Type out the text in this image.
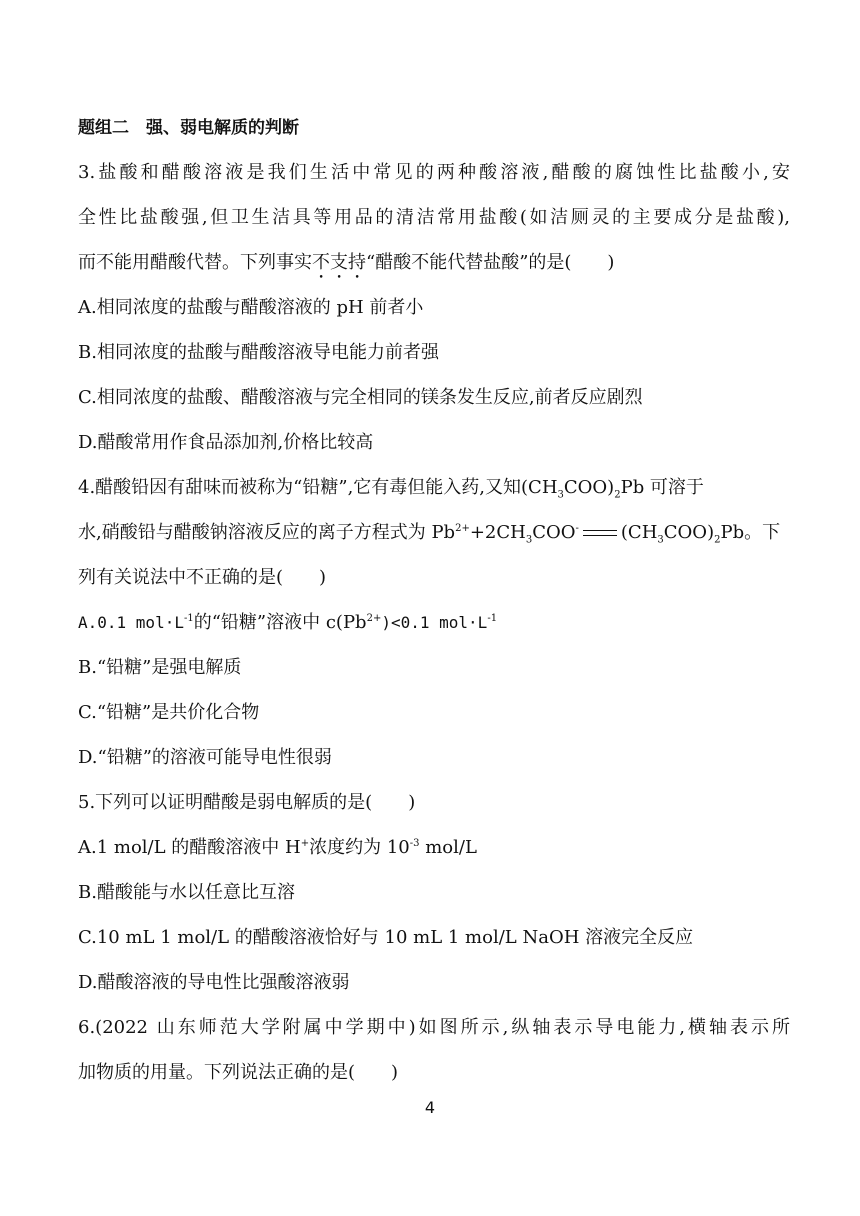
题组二　强、弱电解质的判断
3.盐酸和醋酸溶液是我们生活中常见的两种酸溶液,醋酸的腐蚀性比盐酸小,安
全性比盐酸强,但卫生洁具等用品的清洁常用盐酸(如洁厕灵的主要成分是盐酸),
而不能用醋酸代替。下列事实不支持“醋酸不能代替盐酸”的是(　　)
A.相同浓度的盐酸与醋酸溶液的 pH 前者小
B.相同浓度的盐酸与醋酸溶液导电能力前者强
C.相同浓度的盐酸、醋酸溶液与完全相同的镁条发生反应,前者反应剧烈
D.醋酸常用作食品添加剂,价格比较高
4.醋酸铅因有甜味而被称为“铅糖”,它有毒但能入药,又知$(CH_3COO)_2Pb$ 可溶于
水,硝酸铅与醋酸钠溶液反应的离子方程式为 $Pb^{2+}+2CH_3COO^-$ $(CH_3COO)_2Pb$。下
列有关说法中不正确的是(　　)
A.0.1 $mol\cdot L^{-1}$的“铅糖”溶液中 $c(Pb^{2+})<0.1$ $mol\cdot L^{-1}$
B.“铅糖”是强电解质
C.“铅糖”是共价化合物
D.“铅糖”的溶液可能导电性很弱
5.下列可以证明醋酸是弱电解质的是(　　)
A.1 mol/L 的醋酸溶液中 H+浓度约为 $10^{-3}$ mol/L
B.醋酸能与水以任意比互溶
C.10 mL 1 mol/L 的醋酸溶液恰好与 10 mL 1 mol/L NaOH 溶液完全反应
D.醋酸溶液的导电性比强酸溶液弱
6.(2022 山东师范大学附属中学期中)如图所示,纵轴表示导电能力,横轴表示所
加物质的用量。下列说法正确的是(　　)
4
